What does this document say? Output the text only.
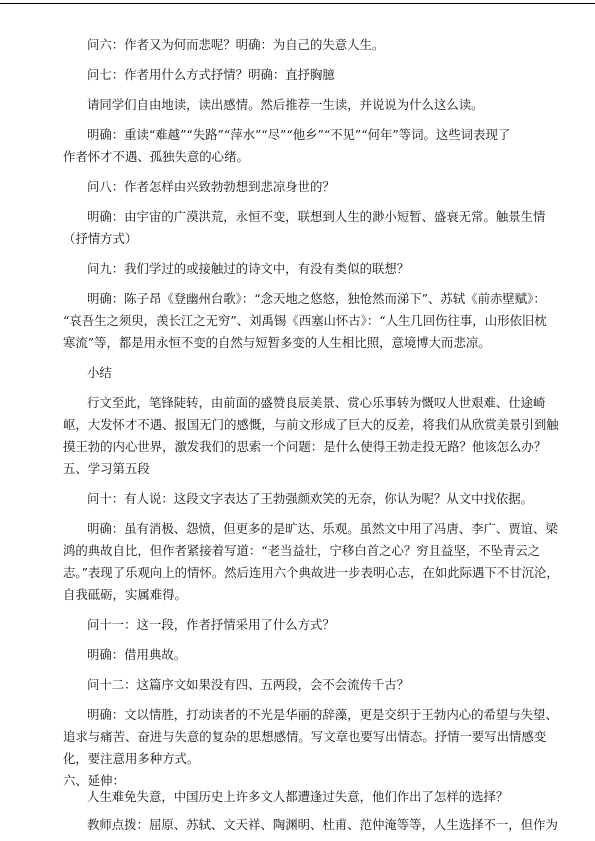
问六：作者又为何而悲呢？明确：为自己的失意人生。
问七：作者用什么方式抒情？明确：直抒胸臆
请同学们自由地读，读出感情。然后推荐一生读，并说说为什么这么读。
明确：重读“难越”“失路”“萍水”“尽”“他乡”“不见”“何年”等词。这些词表现了
作者怀才不遇、孤独失意的心绪。
问八：作者怎样由兴致勃勃想到悲凉身世的？
明确：由宇宙的广漠洪荒，永恒不变，联想到人生的渺小短暂、盛衰无常。触景生情
（抒情方式）
问九：我们学过的或接触过的诗文中，有没有类似的联想？
明确：陈子昂《登幽州台歌》：“念天地之悠悠，独怆然而涕下”、苏轼《前赤壁赋》：
“哀吾生之须臾，羡长江之无穷”、刘禹锡《西塞山怀古》：“人生几回伤往事，山形依旧枕
寒流”等，都是用永恒不变的自然与短暂多变的人生相比照，意境博大而悲凉。
小结
行文至此，笔锋陡转，由前面的盛赞良辰美景、赏心乐事转为慨叹人世艰难、仕途崎
岖，大发怀才不遇、报国无门的感慨，与前文形成了巨大的反差，将我们从欣赏美景引到触
摸王勃的内心世界，激发我们的思索一个问题：是什么使得王勃走投无路？他该怎么办？
五、学习第五段
问十：有人说：这段文字表达了王勃强颜欢笑的无奈，你认为呢？从文中找依据。
明确：虽有消极、怨愤，但更多的是旷达、乐观。虽然文中用了冯唐、李广、贾谊、梁
鸿的典故自比，但作者紧接着写道：“老当益壮，宁移白首之心？穷且益坚，不坠青云之
志。”表现了乐观向上的情怀。然后连用六个典故进一步表明心志，在如此际遇下不甘沉沦，
自我砥砺，实属难得。
问十一：这一段，作者抒情采用了什么方式？
明确：借用典故。
问十二：这篇序文如果没有四、五两段，会不会流传千古？
明确：文以情胜，打动读者的不光是华丽的辞藻，更是交织于王勃内心的希望与失望、
追求与痛苦、奋进与失意的复杂的思想感情。写文章也要写出情态。抒情一要写出情感变
化，要注意用多种方式。
六、延伸：
人生难免失意，中国历史上许多文人都遭逢过失意，他们作出了怎样的选择？
教师点拨：屈原、苏轼、文天祥、陶渊明、杜甫、范仲淹等等，人生选择不一，但作为
